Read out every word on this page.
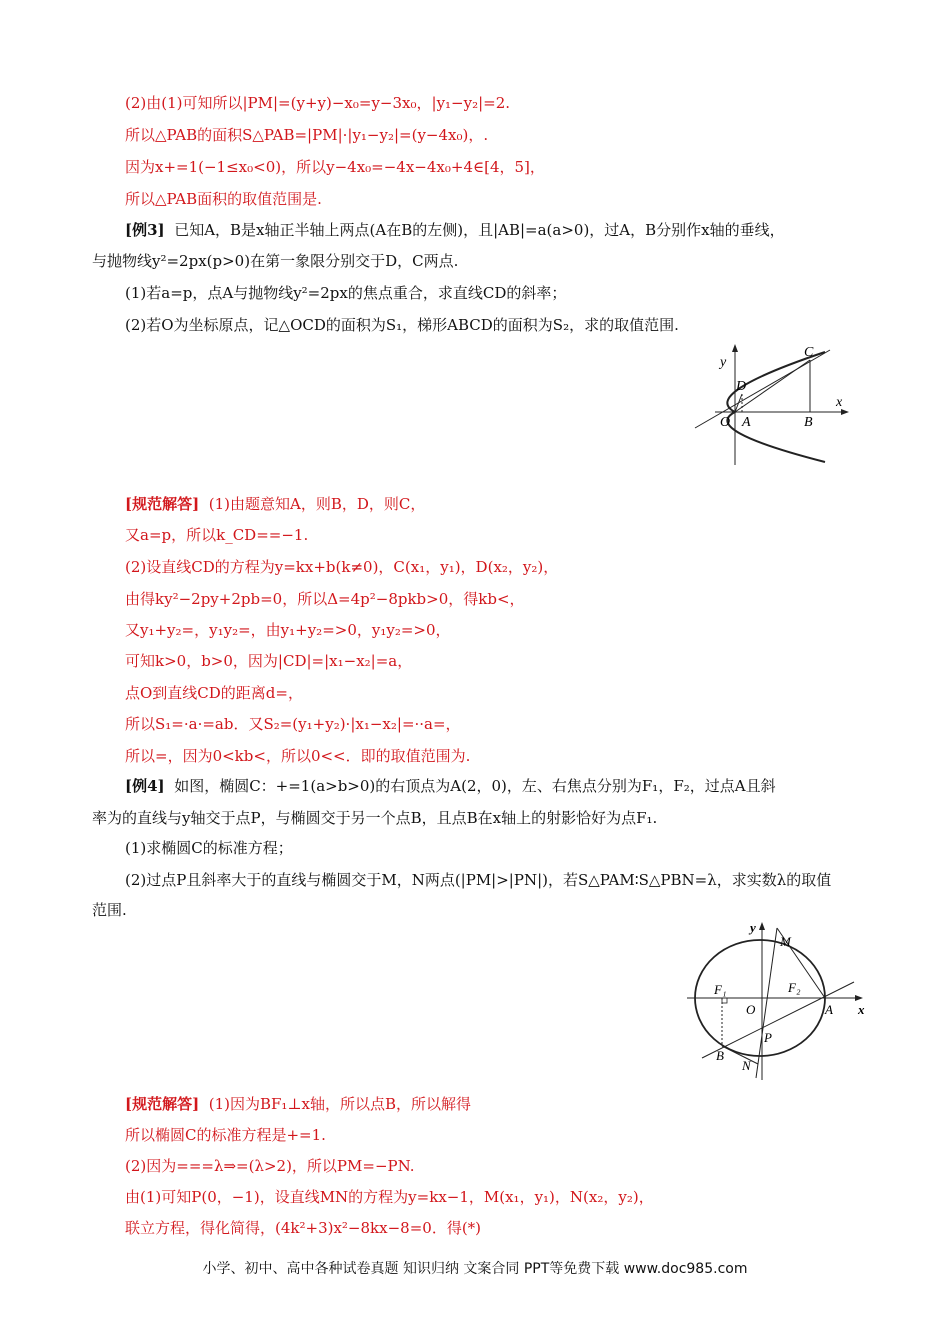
(2)由(1)可知所以|PM|=(y+y)−x₀=y−3x₀，|y₁−y₂|=2.
所以△PAB的面积S△PAB=|PM|·|y₁−y₂|=(y−4x₀)，.
因为x+=1(−1≤x₀<0)，所以y−4x₀=−4x−4x₀+4∈[4，5]，
所以△PAB面积的取值范围是.
[例3] 已知A，B是x轴正半轴上两点(A在B的左侧)，且|AB|=a(a>0)，过A，B分别作x轴的垂线，
与抛物线y²=2px(p>0)在第一象限分别交于D，C两点.
(1)若a=p，点A与抛物线y²=2px的焦点重合，求直线CD的斜率；
(2)若O为坐标原点，记△OCD的面积为S₁，梯形ABCD的面积为S₂，求的取值范围.
y
x
C
D
O A	B
[规范解答] (1)由题意知A，则B，D，则C，
又a=p，所以k_CD==−1.
(2)设直线CD的方程为y=kx+b(k≠0)，C(x₁，y₁)，D(x₂，y₂)，
由得ky²−2py+2pb=0，所以Δ=4p²−8pkb>0，得kb<，
又y₁+y₂=，y₁y₂=，由y₁+y₂=>0，y₁y₂=>0，
可知k>0，b>0，因为|CD|=|x₁−x₂|=a，
点O到直线CD的距离d=，
所以S₁=·a·=ab．又S₂=(y₁+y₂)·|x₁−x₂|=··a=，
所以=，因为0<kb<，所以0<<．即的取值范围为.
[例4] 如图，椭圆C：+=1(a>b>0)的右顶点为A(2，0)，左、右焦点分别为F₁，F₂，过点A且斜
率为的直线与y轴交于点P，与椭圆交于另一个点B，且点B在x轴上的射影恰好为点F₁.
(1)求椭圆C的标准方程；
(2)过点P且斜率大于的直线与椭圆交于M，N两点(|PM|>|PN|)，若S△PAM∶S△PBN=λ，求实数λ的取值
范围.
y
x
M
F₁	F₂
O	A
P
B
N
[规范解答] (1)因为BF₁⊥x轴，所以点B，所以解得
所以椭圆C的标准方程是+=1.
(2)因为===λ⇒=(λ>2)，所以PM=−PN.
由(1)可知P(0，−1)，设直线MN的方程为y=kx−1，M(x₁，y₁)，N(x₂，y₂)，
联立方程，得化简得，(4k²+3)x²−8kx−8=0．得(*)
小学、初中、高中各种试卷真题 知识归纳 文案合同 PPT等免费下载 www.doc985.com
